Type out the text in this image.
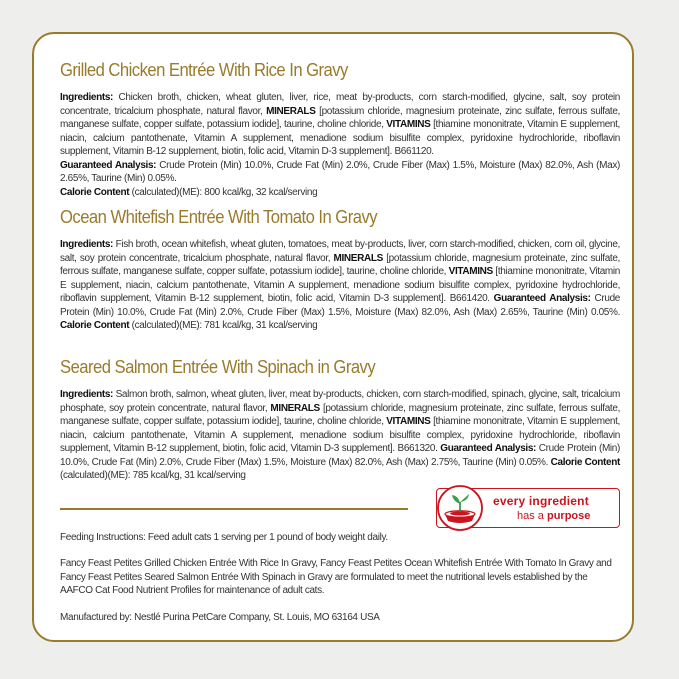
Grilled Chicken Entrée With Rice In Gravy
Ingredients: Chicken broth, chicken, wheat gluten, liver, rice, meat by-products, corn starch-modified, glycine, salt, soy protein concentrate, tricalcium phosphate, natural flavor, MINERALS [potassium chloride, magnesium proteinate, zinc sulfate, ferrous sulfate, manganese sulfate, copper sulfate, potassium iodide], taurine, choline chloride, VITAMINS [thiamine mononitrate, Vitamin E supplement, niacin, calcium pantothenate, Vitamin A supplement, menadione sodium bisulfite complex, pyridoxine hydrochloride, riboflavin supplement, Vitamin B-12 supplement, biotin, folic acid, Vitamin D-3 supplement]. B661120.
Guaranteed Analysis: Crude Protein (Min) 10.0%, Crude Fat (Min) 2.0%, Crude Fiber (Max) 1.5%, Moisture (Max) 82.0%, Ash (Max) 2.65%, Taurine (Min) 0.05%.
Calorie Content (calculated)(ME): 800 kcal/kg, 32 kcal/serving
Ocean Whitefish Entrée With Tomato In Gravy
Ingredients: Fish broth, ocean whitefish, wheat gluten, tomatoes, meat by-products, liver, corn starch-modified, chicken, corn oil, glycine, salt, soy protein concentrate, tricalcium phosphate, natural flavor, MINERALS [potassium chloride, magnesium proteinate, zinc sulfate, ferrous sulfate, manganese sulfate, copper sulfate, potassium iodide], taurine, choline chloride, VITAMINS [thiamine mononitrate, Vitamin E supplement, niacin, calcium pantothenate, Vitamin A supplement, menadione sodium bisulfite complex, pyridoxine hydrochloride, riboflavin supplement, Vitamin B-12 supplement, biotin, folic acid, Vitamin D-3 supplement]. B661420. Guaranteed Analysis: Crude Protein (Min) 10.0%, Crude Fat (Min) 2.0%, Crude Fiber (Max) 1.5%, Moisture (Max) 82.0%, Ash (Max) 2.65%, Taurine (Min) 0.05%. Calorie Content (calculated)(ME): 781 kcal/kg, 31 kcal/serving
Seared Salmon Entrée With Spinach in Gravy
Ingredients: Salmon broth, salmon, wheat gluten, liver, meat by-products, chicken, corn starch-modified, spinach, glycine, salt, tricalcium phosphate, soy protein concentrate, natural flavor, MINERALS [potassium chloride, magnesium proteinate, zinc sulfate, ferrous sulfate, manganese sulfate, copper sulfate, potassium iodide], taurine, choline chloride, VITAMINS [thiamine mononitrate, Vitamin E supplement, niacin, calcium pantothenate, Vitamin A supplement, menadione sodium bisulfite complex, pyridoxine hydrochloride, riboflavin supplement, Vitamin B-12 supplement, biotin, folic acid, Vitamin D-3 supplement]. B661320. Guaranteed Analysis: Crude Protein (Min) 10.0%, Crude Fat (Min) 2.0%, Crude Fiber (Max) 1.5%, Moisture (Max) 82.0%, Ash (Max) 2.75%, Taurine (Min) 0.05%. Calorie Content (calculated)(ME): 785 kcal/kg, 31 kcal/serving
every ingredient
has a purpose
Feeding Instructions: Feed adult cats 1 serving per 1 pound of body weight daily.
Fancy Feast Petites Grilled Chicken Entrée With Rice In Gravy, Fancy Feast Petites Ocean Whitefish Entrée With Tomato In Gravy and Fancy Feast Petites Seared Salmon Entrée With Spinach in Gravy are formulated to meet the nutritional levels established by the AAFCO Cat Food Nutrient Profiles for maintenance of adult cats.
Manufactured by: Nestlé Purina PetCare Company, St. Louis, MO 63164 USA
